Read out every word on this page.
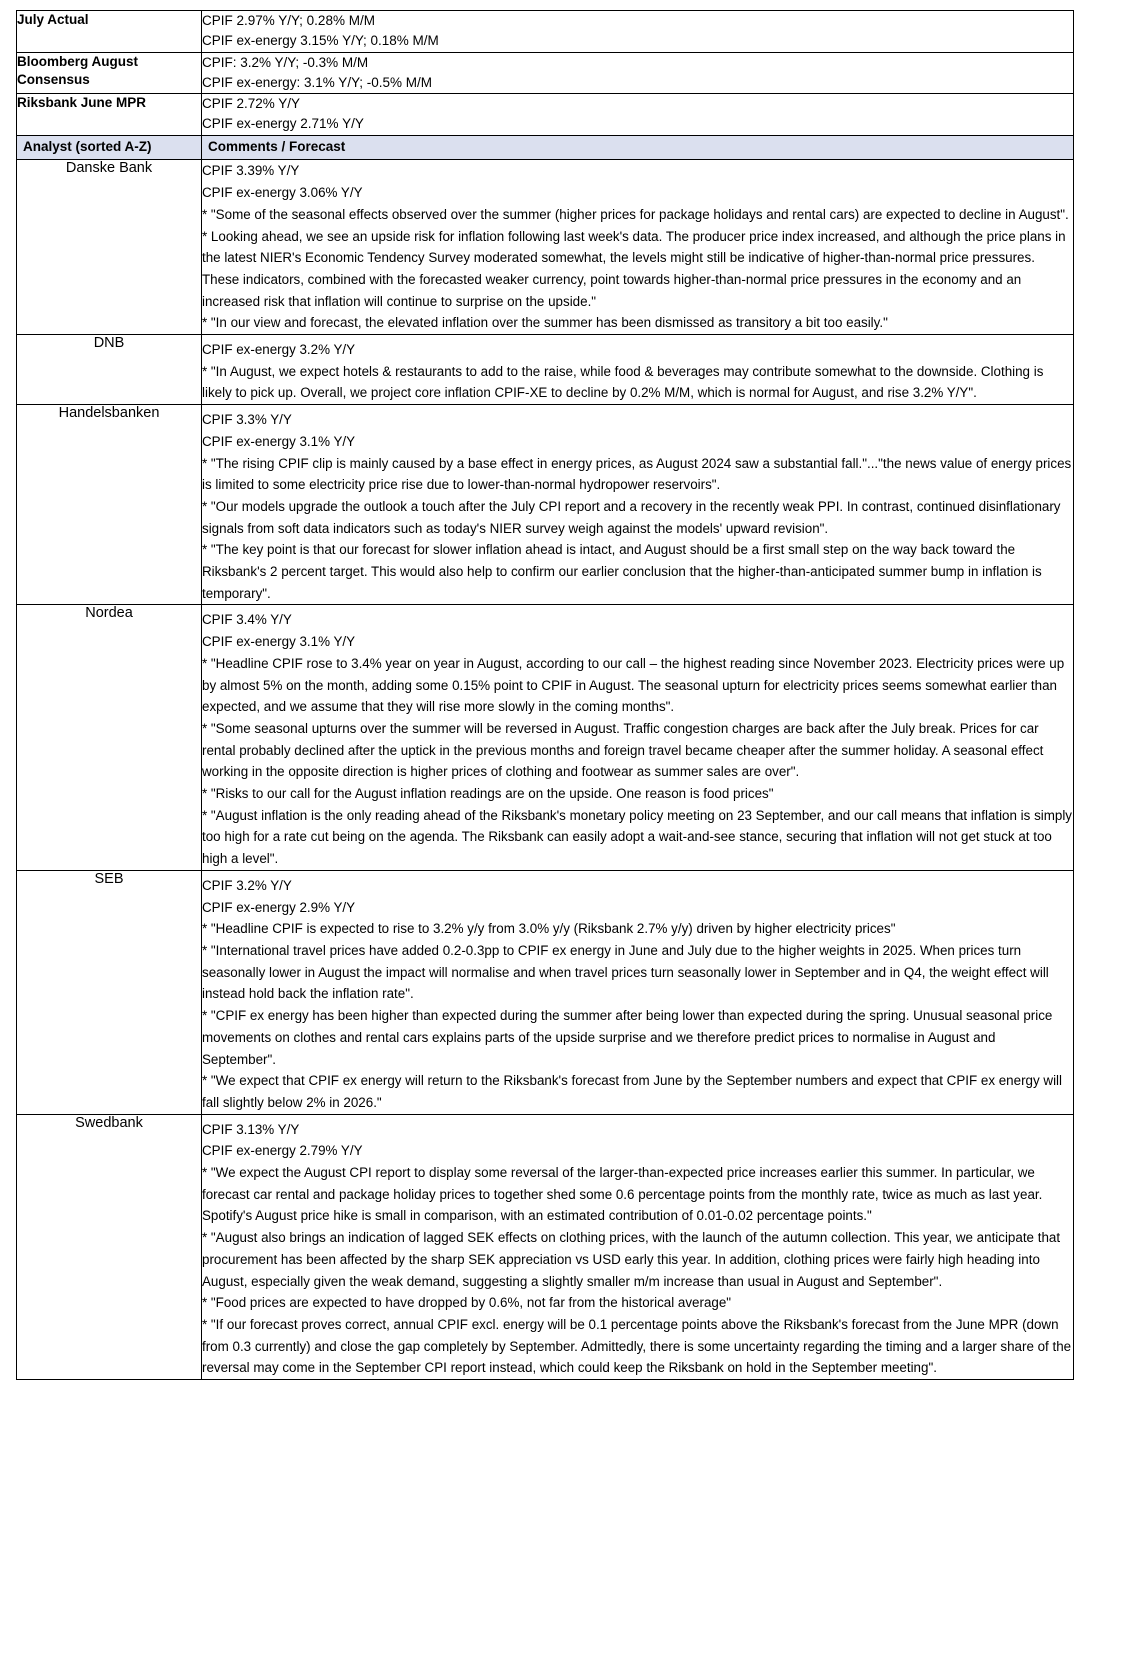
July Actual	CPIF 2.97% Y/Y; 0.28% M/M
CPIF ex-energy 3.15% Y/Y; 0.18% M/M

Bloomberg August Consensus	CPIF: 3.2% Y/Y; -0.3% M/M
CPIF ex-energy: 3.1% Y/Y; -0.5% M/M

Riksbank June MPR	CPIF 2.72% Y/Y
CPIF ex-energy 2.71% Y/Y

Analyst (sorted A-Z)	Comments / Forecast
Danske Bank	CPIF 3.39% Y/Y

CPIF ex-energy 3.06% Y/Y

* "Some of the seasonal effects observed over the summer (higher prices for package holidays and rental cars) are expected to decline in August".

* Looking ahead, we see an upside risk for inflation following last week's data. The producer price index increased, and although the price plans in the latest NIER's Economic Tendency Survey moderated somewhat, the levels might still be indicative of higher-than-normal price pressures. These indicators, combined with the forecasted weaker currency, point towards higher-than-normal price pressures in the economy and an increased risk that inflation will continue to surprise on the upside."

* "In our view and forecast, the elevated inflation over the summer has been dismissed as transitory a bit too easily."

DNB	CPIF ex-energy 3.2% Y/Y

* "In August, we expect hotels & restaurants to add to the raise, while food & beverages may contribute somewhat to the downside. Clothing is likely to pick up. Overall, we project core inflation CPIF-XE to decline by 0.2% M/M, which is normal for August, and rise 3.2% Y/Y".

Handelsbanken	CPIF 3.3% Y/Y

CPIF ex-energy 3.1% Y/Y

* "The rising CPIF clip is mainly caused by a base effect in energy prices, as August 2024 saw a substantial fall."..."the news value of energy prices is limited to some electricity price rise due to lower-than-normal hydropower reservoirs".

* "Our models upgrade the outlook a touch after the July CPI report and a recovery in the recently weak PPI. In contrast, continued disinflationary signals from soft data indicators such as today's NIER survey weigh against the models' upward revision".

* "The key point is that our forecast for slower inflation ahead is intact, and August should be a first small step on the way back toward the Riksbank's 2 percent target. This would also help to confirm our earlier conclusion that the higher-than-anticipated summer bump in inflation is temporary".

Nordea	CPIF 3.4% Y/Y

CPIF ex-energy 3.1% Y/Y

* "Headline CPIF rose to 3.4% year on year in August, according to our call – the highest reading since November 2023. Electricity prices were up by almost 5% on the month, adding some 0.15% point to CPIF in August. The seasonal upturn for electricity prices seems somewhat earlier than expected, and we assume that they will rise more slowly in the coming months".

* "Some seasonal upturns over the summer will be reversed in August. Traffic congestion charges are back after the July break. Prices for car rental probably declined after the uptick in the previous months and foreign travel became cheaper after the summer holiday. A seasonal effect working in the opposite direction is higher prices of clothing and footwear as summer sales are over".

* "Risks to our call for the August inflation readings are on the upside. One reason is food prices"

* "August inflation is the only reading ahead of the Riksbank's monetary policy meeting on 23 September, and our call means that inflation is simply too high for a rate cut being on the agenda. The Riksbank can easily adopt a wait-and-see stance, securing that inflation will not get stuck at too high a level".

SEB	CPIF 3.2% Y/Y

CPIF ex-energy 2.9% Y/Y

* "Headline CPIF is expected to rise to 3.2% y/y from 3.0% y/y (Riksbank 2.7% y/y) driven by higher electricity prices"

* "International travel prices have added 0.2-0.3pp to CPIF ex energy in June and July due to the higher weights in 2025. When prices turn seasonally lower in August the impact will normalise and when travel prices turn seasonally lower in September and in Q4, the weight effect will instead hold back the inflation rate".

* "CPIF ex energy has been higher than expected during the summer after being lower than expected during the spring. Unusual seasonal price movements on clothes and rental cars explains parts of the upside surprise and we therefore predict prices to normalise in August and September".

* "We expect that CPIF ex energy will return to the Riksbank's forecast from June by the September numbers and expect that CPIF ex energy will fall slightly below 2% in 2026."

Swedbank	CPIF 3.13% Y/Y

CPIF ex-energy 2.79% Y/Y

* "We expect the August CPI report to display some reversal of the larger-than-expected price increases earlier this summer. In particular, we forecast car rental and package holiday prices to together shed some 0.6 percentage points from the monthly rate, twice as much as last year. Spotify's August price hike is small in comparison, with an estimated contribution of 0.01-0.02 percentage points."

* "August also brings an indication of lagged SEK effects on clothing prices, with the launch of the autumn collection. This year, we anticipate that procurement has been affected by the sharp SEK appreciation vs USD early this year. In addition, clothing prices were fairly high heading into August, especially given the weak demand, suggesting a slightly smaller m/m increase than usual in August and September".

* "Food prices are expected to have dropped by 0.6%, not far from the historical average"

* "If our forecast proves correct, annual CPIF excl. energy will be 0.1 percentage points above the Riksbank's forecast from the June MPR (down from 0.3 currently) and close the gap completely by September. Admittedly, there is some uncertainty regarding the timing and a larger share of the reversal may come in the September CPI report instead, which could keep the Riksbank on hold in the September meeting".
